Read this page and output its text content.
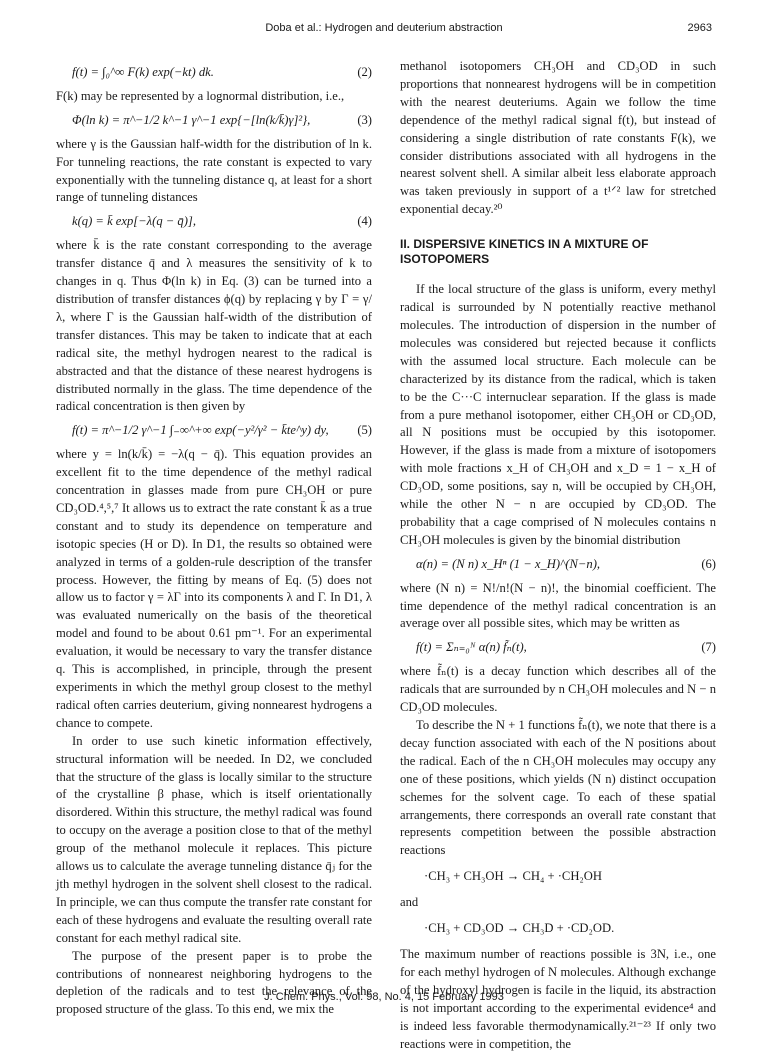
Doba et al.: Hydrogen and deuterium abstraction	2963
f(t) = ∫₀^∞ F(k) exp(−kt) dk.	(2)

F(k) may be represented by a lognormal distribution, i.e.,

Φ(ln k) = π^−1/2 k^−1 γ^−1 exp{−[ln(k/k̄)γ]²},	(3)

where γ is the Gaussian half-width for the distribution of ln k. For tunneling reactions, the rate constant is expected to vary exponentially with the tunneling distance q, at least for a short range of tunneling distances

k(q) = k̄ exp[−λ(q − q̄)],	(4)

where k̄ is the rate constant corresponding to the average transfer distance q̄ and λ measures the sensitivity of k to changes in q. Thus Φ(ln k) in Eq. (3) can be turned into a distribution of transfer distances ϕ(q) by replacing γ by Γ = γ/λ, where Γ is the Gaussian half-width of the distribution of transfer distances. This may be taken to indicate that at each radical site, the methyl hydrogen nearest to the radical is abstracted and that the distance of these nearest hydrogens is distributed normally in the glass. The time dependence of the radical concentration is then given by

f(t) = π^−1/2 γ^−1 ∫₋∞^+∞ exp(−y²/γ² − k̄te^y) dy,	(5)

where y = ln(k/k̄) = −λ(q − q̄). This equation provides an excellent fit to the time dependence of the methyl radical concentration in glasses made from pure CH₃OH or pure CD₃OD.⁴,⁵,⁷ It allows us to extract the rate constant k̄ as a true constant and to study its dependence on temperature and isotopic species (H or D). In D1, the results so obtained were analyzed in terms of a golden-rule description of the transfer process. However, the fitting by means of Eq. (5) does not allow us to factor γ = λΓ into its components λ and Γ. In D1, λ was evaluated numerically on the basis of the theoretical model and found to be about 0.61 pm⁻¹. For an experimental evaluation, it would be necessary to vary the transfer distance q. This is accomplished, in principle, through the present experiments in which the methyl group closest to the methyl radical often carries deuterium, giving nonnearest hydrogens a chance to compete.

In order to use such kinetic information effectively, structural information will be needed. In D2, we concluded that the structure of the glass is locally similar to the structure of the crystalline β phase, which is itself orientationally disordered. Within this structure, the methyl radical was found to occupy on the average a position close to that of the methyl group of the methanol molecule it replaces. This picture allows us to calculate the average tunneling distance q̄ⱼ for the jth methyl hydrogen in the solvent shell closest to the radical. In principle, we can thus compute the transfer rate constant for each of these hydrogens and evaluate the resulting overall rate constant for each methyl radical site.

The purpose of the present paper is to probe the contributions of nonnearest neighboring hydrogens to the depletion of the radicals and to test the relevance of the proposed structure of the glass. To this end, we mix the

methanol isotopomers CH₃OH and CD₃OD in such proportions that nonnearest hydrogens will be in competition with the nearest deuteriums. Again we follow the time dependence of the methyl radical signal f(t), but instead of considering a single distribution of rate constants F(k), we consider distributions associated with all hydrogens in the nearest solvent shell. A similar albeit less elaborate approach was taken previously in support of a t¹ᐟ² law for stretched exponential decay.²⁰

II. DISPERSIVE KINETICS IN A MIXTURE OF ISOTOPOMERS

If the local structure of the glass is uniform, every methyl radical is surrounded by N potentially reactive methanol molecules. The introduction of dispersion in the number of molecules was considered but rejected because it conflicts with the assumed local structure. Each molecule can be characterized by its distance from the radical, which is taken to be the C···C internuclear separation. If the glass is made from a pure methanol isotopomer, either CH₃OH or CD₃OD, all N positions must be occupied by this isotopomer. However, if the glass is made from a mixture of isotopomers with mole fractions x_H of CH₃OH and x_D = 1 − x_H of CD₃OD, some positions, say n, will be occupied by CH₃OH, while the other N − n are occupied by CD₃OD. The probability that a cage comprised of N molecules contains n CH₃OH molecules is given by the binomial distribution

α(n) = (N n) x_Hⁿ (1 − x_H)^(N−n),	(6)

where (N n) = N!/n!(N − n)!, the binomial coefficient. The time dependence of the methyl radical concentration is an average over all possible sites, which may be written as

f(t) = Σₙ₌₀ᴺ α(n) f̃ₙ(t),	(7)

where f̃ₙ(t) is a decay function which describes all of the radicals that are surrounded by n CH₃OH molecules and N − n CD₃OD molecules.

To describe the N + 1 functions f̃ₙ(t), we note that there is a decay function associated with each of the N positions about the radical. Each of the n CH₃OH molecules may occupy any one of these positions, which yields (N n) distinct occupation schemes for the solvent cage. To each of these spatial arrangements, there corresponds an overall rate constant that represents competition between the possible abstraction reactions

·CH₃ + CH₃OH → CH₄ + ·CH₂OH

and

·CH₃ + CD₃OD → CH₃D + ·CD₂OD.

The maximum number of reactions possible is 3N, i.e., one for each methyl hydrogen of N molecules. Although exchange of the hydroxyl hydrogen is facile in the liquid, its abstraction is not important according to the experimental evidence⁴ and is indeed less favorable thermodynamically.²¹⁻²³ If only two reactions were in competition, the

J. Chem. Phys., Vol. 98, No. 4, 15 February 1993
